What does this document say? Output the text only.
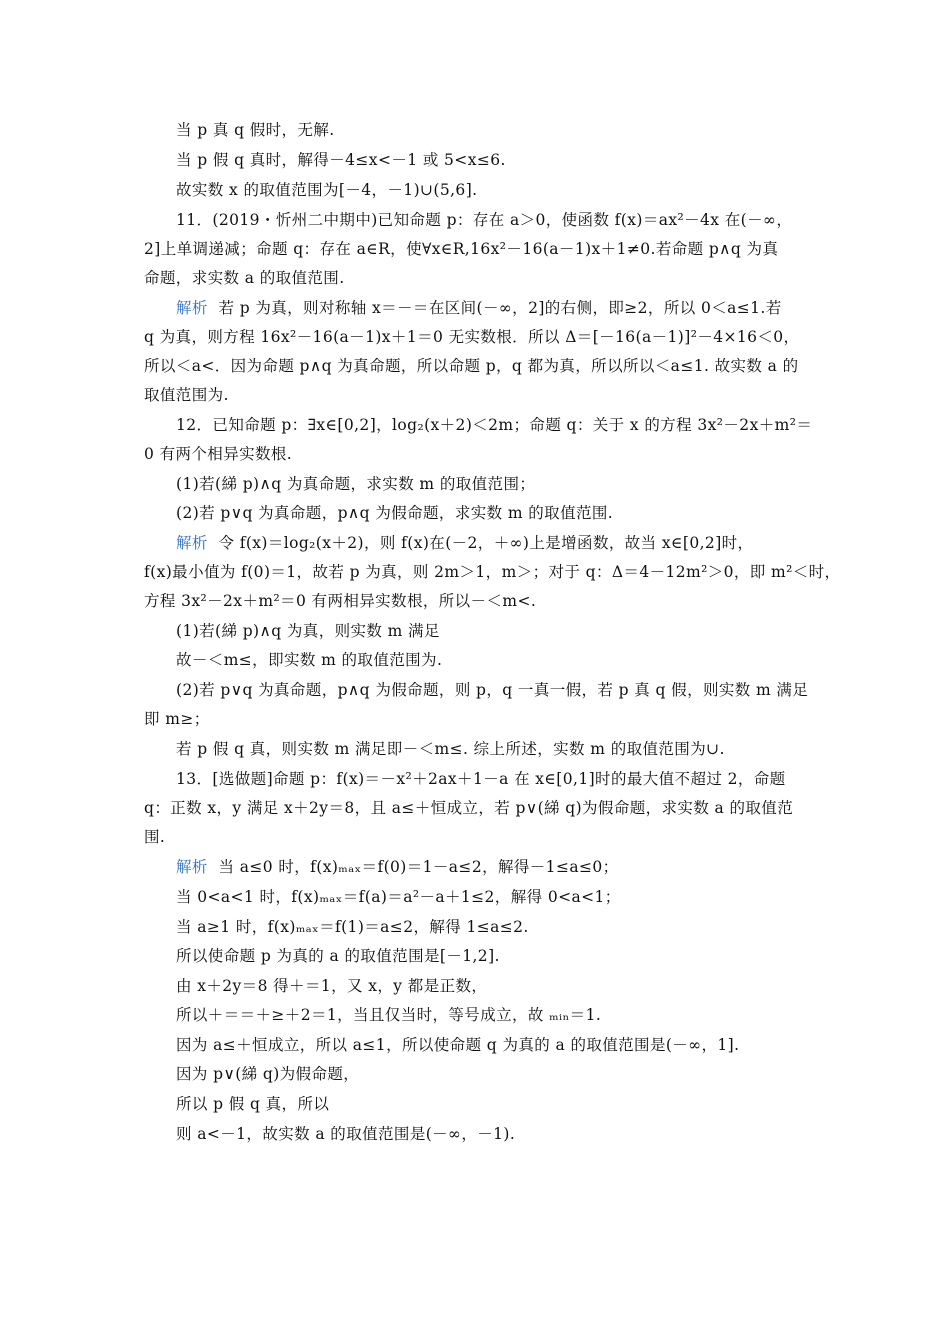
当 p 真 q 假时，无解.
当 p 假 q 真时，解得－4≤x<－1 或 5<x≤6.
故实数 x 的取值范围为[－4，－1)∪(5,6].
11．(2019・忻州二中期中)已知命题 p：存在 a＞0，使函数 f(x)＝ax²－4x 在(－∞，
2]上单调递减；命题 q：存在 a∈R，使∀x∈R,16x²－16(a－1)x＋1≠0.若命题 p∧q 为真
命题，求实数 a 的取值范围.
解析 若 p 为真，则对称轴 x＝－＝在区间(－∞，2]的右侧，即≥2，所以 0＜a≤1.若
q 为真，则方程 16x²－16(a－1)x＋1＝0 无实数根．所以 Δ＝[－16(a－1)]²－4×16＜0，
所以＜a<．因为命题 p∧q 为真命题，所以命题 p，q 都为真，所以所以＜a≤1. 故实数 a 的
取值范围为.
12．已知命题 p：∃x∈[0,2]，log₂(x＋2)＜2m；命题 q：关于 x 的方程 3x²－2x＋m²＝
0 有两个相异实数根.
(1)若(綈 p)∧q 为真命题，求实数 m 的取值范围；
(2)若 p∨q 为真命题，p∧q 为假命题，求实数 m 的取值范围.
解析 令 f(x)＝log₂(x＋2)，则 f(x)在(－2，＋∞)上是增函数，故当 x∈[0,2]时，
f(x)最小值为 f(0)＝1，故若 p 为真，则 2m＞1，m＞；对于 q：Δ＝4－12m²＞0，即 m²＜时，
方程 3x²－2x＋m²＝0 有两相异实数根，所以－＜m<.
(1)若(綈 p)∧q 为真，则实数 m 满足
故－＜m≤，即实数 m 的取值范围为.
(2)若 p∨q 为真命题，p∧q 为假命题，则 p，q 一真一假，若 p 真 q 假，则实数 m 满足
即 m≥；
若 p 假 q 真，则实数 m 满足即－＜m≤. 综上所述，实数 m 的取值范围为∪.
13．[选做题]命题 p：f(x)＝－x²＋2ax＋1－a 在 x∈[0,1]时的最大值不超过 2，命题
q：正数 x，y 满足 x＋2y＝8，且 a≤＋恒成立，若 p∨(綈 q)为假命题，求实数 a 的取值范
围.
解析 当 a≤0 时，f(x)ₘₐₓ＝f(0)＝1－a≤2，解得－1≤a≤0；
当 0<a<1 时，f(x)ₘₐₓ＝f(a)＝a²－a＋1≤2，解得 0<a<1；
当 a≥1 时，f(x)ₘₐₓ＝f(1)＝a≤2，解得 1≤a≤2.
所以使命题 p 为真的 a 的取值范围是[－1,2].
由 x＋2y＝8 得＋＝1，又 x，y 都是正数，
所以＋＝＝＋≥＋2＝1，当且仅当时，等号成立，故 ₘᵢₙ＝1.
因为 a≤＋恒成立，所以 a≤1，所以使命题 q 为真的 a 的取值范围是(－∞，1].
因为 p∨(綈 q)为假命题，
所以 p 假 q 真，所以
则 a<－1，故实数 a 的取值范围是(－∞，－1).
